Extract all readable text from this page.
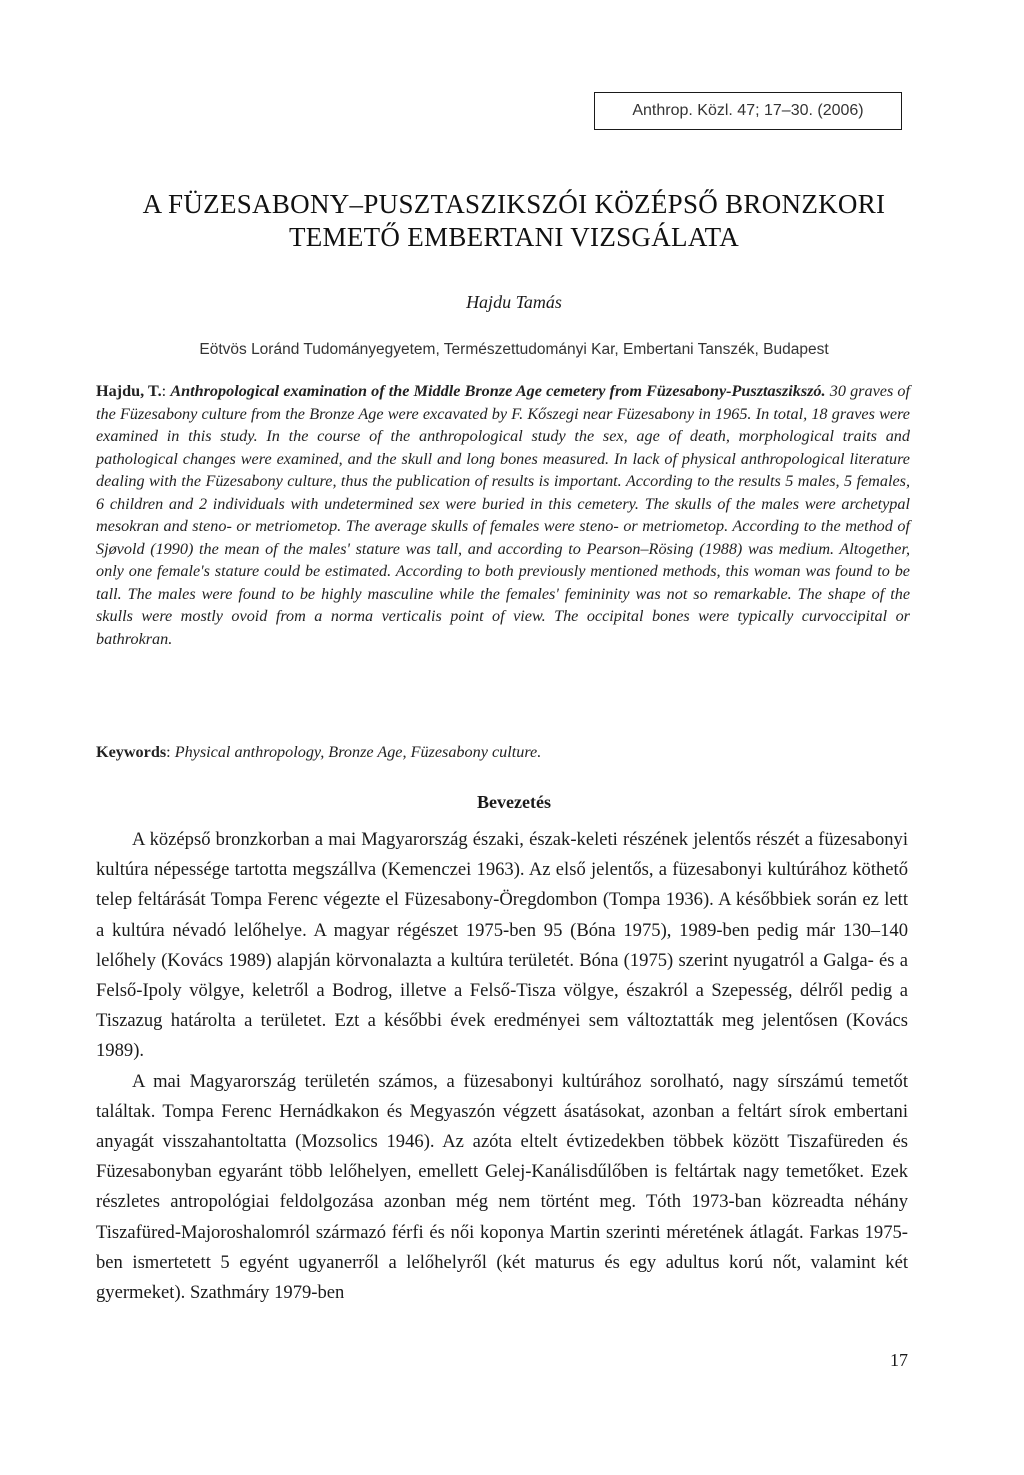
Anthrop. Közl. 47; 17–30. (2006)
A FÜZESABONY–PUSZTASZIKSZÓI KÖZÉPSŐ BRONZKORI
TEMETŐ EMBERTANI VIZSGÁLATA
Hajdu Tamás
Eötvös Loránd Tudományegyetem, Természettudományi Kar, Embertani Tanszék, Budapest
Hajdu, T.: Anthropological examination of the Middle Bronze Age cemetery from Füzesabony-Pusztaszikszó. 30 graves of the Füzesabony culture from the Bronze Age were excavated by F. Kőszegi near Füzesabony in 1965. In total, 18 graves were examined in this study. In the course of the anthropological study the sex, age of death, morphological traits and pathological changes were examined, and the skull and long bones measured. In lack of physical anthropological literature dealing with the Füzesabony culture, thus the publication of results is important. According to the results 5 males, 5 females, 6 children and 2 individuals with undetermined sex were buried in this cemetery. The skulls of the males were archetypal mesokran and steno- or metriometop. The average skulls of females were steno- or metriometop. According to the method of Sjøvold (1990) the mean of the males' stature was tall, and according to Pearson–Rösing (1988) was medium. Altogether, only one female's stature could be estimated. According to both previously mentioned methods, this woman was found to be tall. The males were found to be highly masculine while the females' femininity was not so remarkable. The shape of the skulls were mostly ovoid from a norma verticalis point of view. The occipital bones were typically curvoccipital or bathrokran.
Keywords: Physical anthropology, Bronze Age, Füzesabony culture.
Bevezetés

A középső bronzkorban a mai Magyarország északi, észak-keleti részének jelentős részét a füzesabonyi kultúra népessége tartotta megszállva (Kemenczei 1963). Az első jelentős, a füzesabonyi kultúrához köthető telep feltárását Tompa Ferenc végezte el Füzesabony-Öregdombon (Tompa 1936). A későbbiek során ez lett a kultúra névadó lelőhelye. A magyar régészet 1975-ben 95 (Bóna 1975), 1989-ben pedig már 130–140 lelőhely (Kovács 1989) alapján körvonalazta a kultúra területét. Bóna (1975) szerint nyugatról a Galga- és a Felső-Ipoly völgye, keletről a Bodrog, illetve a Felső-Tisza völgye, északról a Szepesség, délről pedig a Tiszazug határolta a területet. Ezt a későbbi évek eredményei sem változtatták meg jelentősen (Kovács 1989).

A mai Magyarország területén számos, a füzesabonyi kultúrához sorolható, nagy sírszámú temetőt találtak. Tompa Ferenc Hernádkakon és Megyaszón végzett ásatásokat, azonban a feltárt sírok embertani anyagát visszahantoltatta (Mozsolics 1946). Az azóta eltelt évtizedekben többek között Tiszafüreden és Füzesabonyban egyaránt több lelőhelyen, emellett Gelej-Kanálisdűlőben is feltártak nagy temetőket. Ezek részletes antropológiai feldolgozása azonban még nem történt meg. Tóth 1973-ban közreadta néhány Tiszafüred-Majoroshalomról származó férfi és női koponya Martin szerinti méretének átlagát. Farkas 1975-ben ismertetett 5 egyént ugyanerről a lelőhelyről (két maturus és egy adultus korú nőt, valamint két gyermeket). Szathmáry 1979-ben

17
